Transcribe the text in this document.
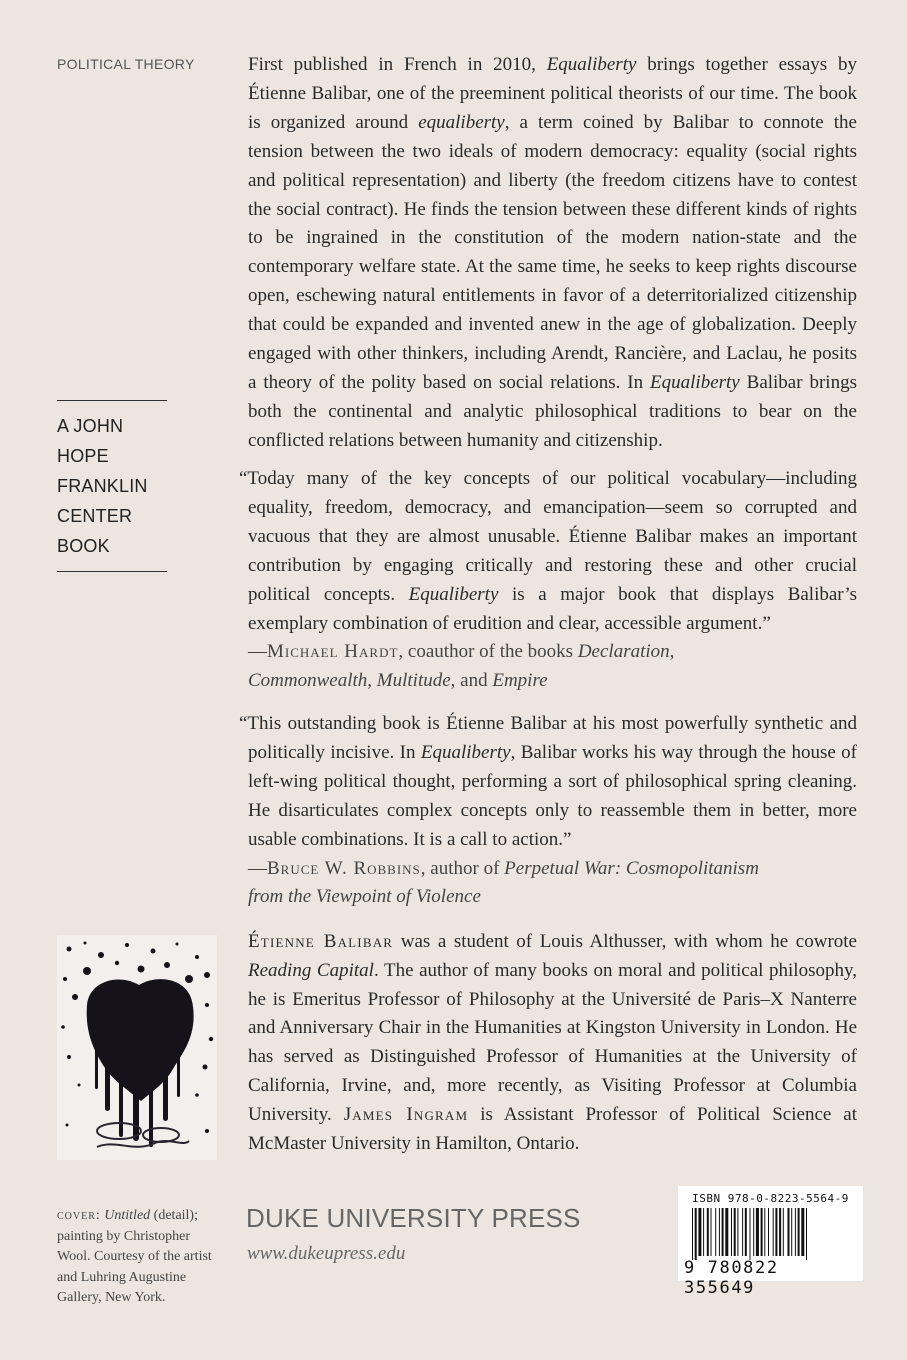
POLITICAL THEORY
A JOHN HOPE
FRANKLIN
CENTER BOOK

First published in French in 2010, Equaliberty brings together essays by Étienne Balibar, one of the preeminent political theorists of our time. The book is organized around equaliberty, a term coined by Balibar to connote the tension between the two ideals of modern democracy: equality (social rights and political representation) and liberty (the freedom citizens have to contest the social contract). He finds the tension between these different kinds of rights to be ingrained in the constitution of the modern nation-state and the contemporary welfare state. At the same time, he seeks to keep rights discourse open, eschewing natural entitlements in favor of a deterritorialized citizenship that could be expanded and invented anew in the age of globalization. Deeply engaged with other thinkers, including Arendt, Rancière, and Laclau, he posits a theory of the polity based on social relations. In Equaliberty Balibar brings both the continental and analytic philosophical traditions to bear on the conflicted relations between humanity and citizenship.

“Today many of the key concepts of our political vocabulary—including equality, freedom, democracy, and emancipation—seem so corrupted and vacuous that they are almost unusable. Étienne Balibar makes an important contribution by engaging critically and restoring these and other crucial political concepts. Equaliberty is a major book that displays Balibar’s exemplary combination of erudition and clear, accessible argument.”

—Michael Hardt, coauthor of the books Declaration,
Commonwealth, Multitude, and Empire

“This outstanding book is Étienne Balibar at his most powerfully synthetic and politically incisive. In Equaliberty, Balibar works his way through the house of left-wing political thought, performing a sort of philosophical spring cleaning. He disarticulates complex concepts only to reassemble them in better, more usable combinations. It is a call to action.”

—Bruce W. Robbins, author of Perpetual War: Cosmopolitanism
from the Viewpoint of Violence

Étienne Balibar was a student of Louis Althusser, with whom he cowrote Reading Capital. The author of many books on moral and political philosophy, he is Emeritus Professor of Philosophy at the Université de Paris–X Nanterre and Anniversary Chair in the Humanities at Kingston University in London. He has served as Distinguished Professor of Humanities at the University of California, Irvine, and, more recently, as Visiting Professor at Columbia University. James Ingram is Assistant Professor of Political Science at McMaster University in Hamilton, Ontario.

cover: Untitled (detail); painting by Christopher Wool. Courtesy of the artist and Luhring Augustine Gallery, New York.
DUKE UNIVERSITY PRESS
www.dukeupress.edu
ISBN 978-0-8223-5564-9
9 780822 355649
